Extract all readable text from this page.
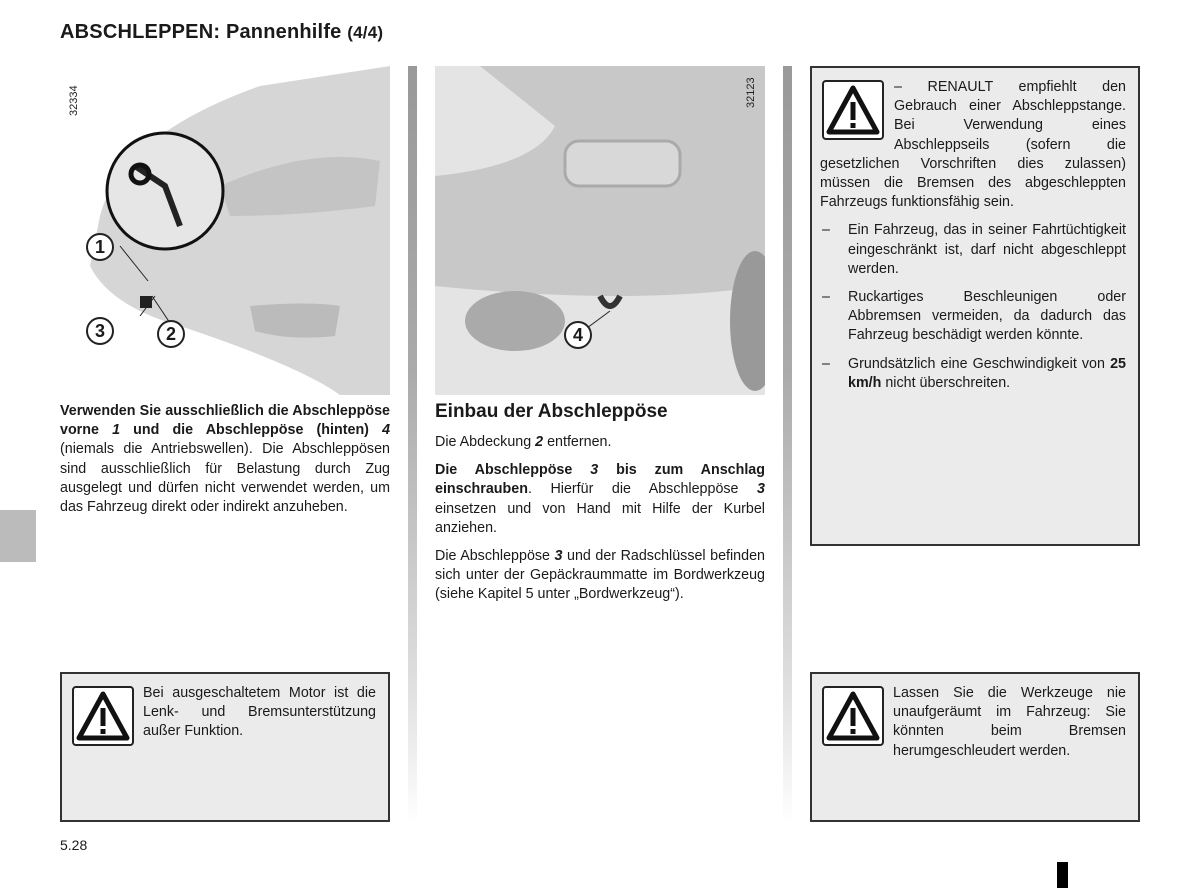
ABSCHLEPPEN: Pannenhilfe (4/4)
32334
1
2
3
32123
4

Verwenden Sie ausschließlich die Abschleppöse vorne 1 und die Abschleppöse (hinten) 4 (niemals die Antriebswellen). Die Abschleppösen sind ausschließlich für Belastung durch Zug ausgelegt und dürfen nicht verwendet werden, um das Fahrzeug direkt oder indirekt anzuheben.

Bei ausgeschaltetem Motor ist die Lenk- und Bremsunterstützung außer Funktion.
Einbau der Abschleppöse

Die Abdeckung 2 entfernen.

Die Abschleppöse 3 bis zum Anschlag einschrauben. Hierfür die Abschleppöse 3 einsetzen und von Hand mit Hilfe der Kurbel anziehen.

Die Abschleppöse 3 und der Radschlüssel befinden sich unter der Gepäckraummatte im Bordwerkzeug (siehe Kapitel 5 unter „Bordwerkzeug“).

– RENAULT empfiehlt den Gebrauch einer Abschleppstange. Bei Verwendung eines Abschleppseils (sofern die gesetzlichen Vorschriften dies zulassen) müssen die Bremsen des abgeschleppten Fahrzeugs funktionsfähig sein.
– Ein Fahrzeug, das in seiner Fahrtüchtigkeit eingeschränkt ist, darf nicht abgeschleppt werden.
– Ruckartiges Beschleunigen oder Abbremsen vermeiden, da dadurch das Fahrzeug beschädigt werden könnte.
– Grundsätzlich eine Geschwindigkeit von 25 km/h nicht überschreiten.
Lassen Sie die Werkzeuge nie unaufgeräumt im Fahrzeug: Sie könnten beim Bremsen herumgeschleudert werden.
5.28
